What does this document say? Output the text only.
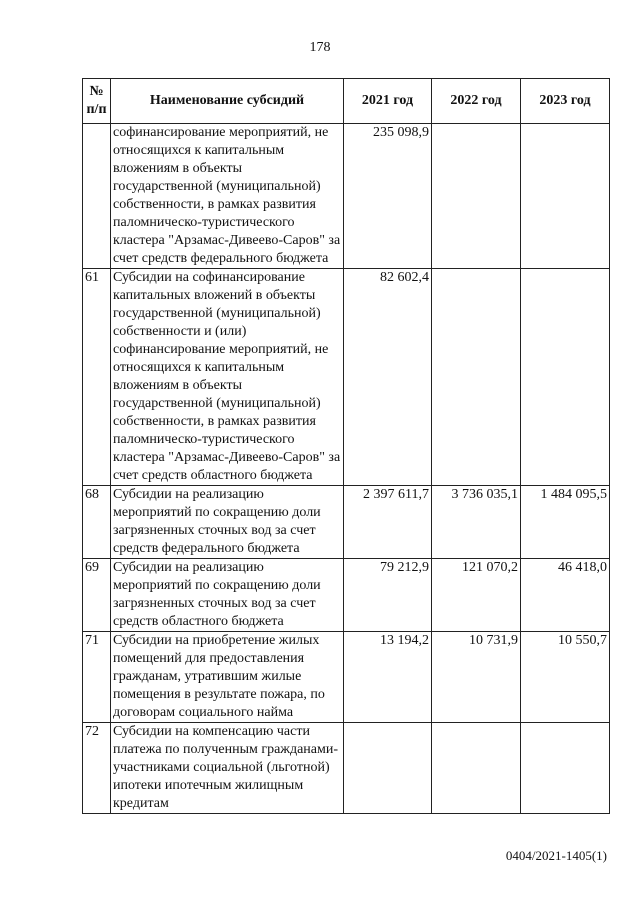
178
№
п/п	Наименование субсидий	2021 год	2022 год	2023 год
	софинансирование мероприятий, не относящихся к капитальным вложениям в объекты государственной (муниципальной) собственности, в рамках развития паломническо-туристического кластера "Арзамас-Дивеево-Саров" за счет средств федерального бюджета	235 098,9		
61	Субсидии на софинансирование капитальных вложений в объекты государственной (муниципальной) собственности и (или) софинансирование мероприятий, не относящихся к капитальным вложениям в объекты государственной (муниципальной) собственности, в рамках развития паломническо-туристического кластера "Арзамас-Дивеево-Саров" за счет средств областного бюджета	82 602,4		
68	Субсидии на реализацию мероприятий по сокращению доли загрязненных сточных вод за счет средств федерального бюджета	2 397 611,7	3 736 035,1	1 484 095,5
69	Субсидии на реализацию мероприятий по сокращению доли загрязненных сточных вод за счет средств областного бюджета	79 212,9	121 070,2	46 418,0
71	Субсидии на приобретение жилых помещений для предоставления гражданам, утратившим жилые помещения в результате пожара, по договорам социального найма	13 194,2	10 731,9	10 550,7
72	Субсидии на компенсацию части платежа по полученным гражданами-участниками социальной (льготной) ипотеки ипотечным жилищным кредитам			
0404/2021-1405(1)
